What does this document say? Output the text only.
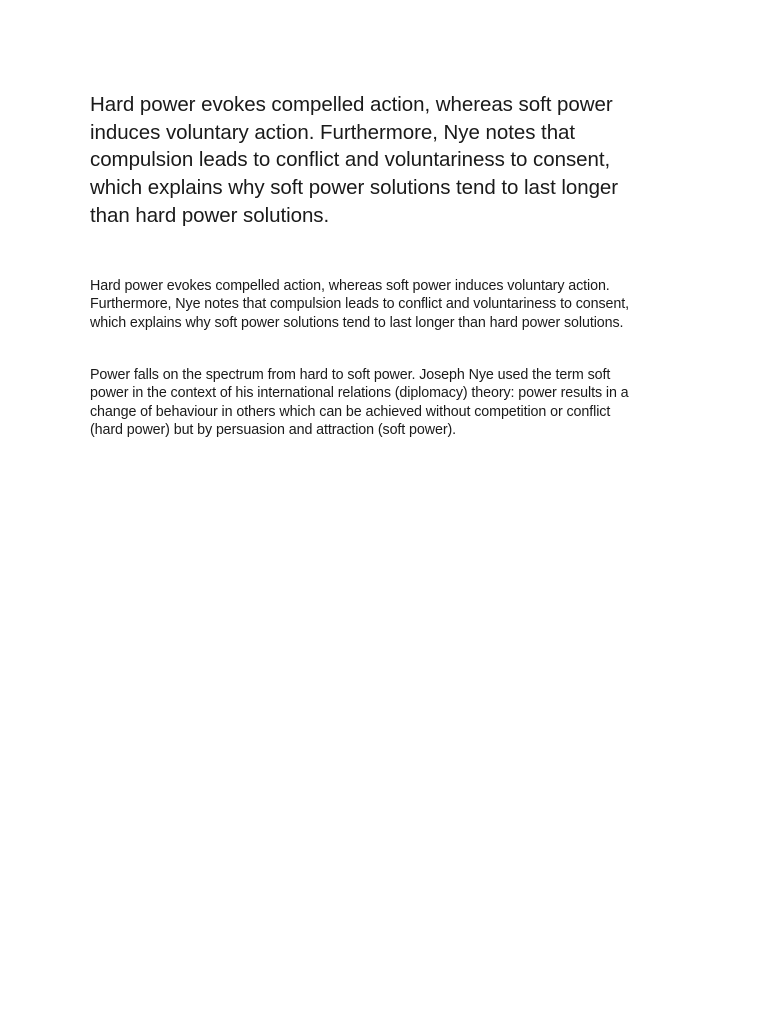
Hard power evokes compelled action, whereas soft power
induces voluntary action. Furthermore, Nye notes that
compulsion leads to conflict and voluntariness to consent,
which explains why soft power solutions tend to last longer
than hard power solutions.

Hard power evokes compelled action, whereas soft power induces voluntary action.
Furthermore, Nye notes that compulsion leads to conflict and voluntariness to consent,
which explains why soft power solutions tend to last longer than hard power solutions.

Power falls on the spectrum from hard to soft power. Joseph Nye used the term soft
power in the context of his international relations (diplomacy) theory: power results in a
change of behaviour in others which can be achieved without competition or conflict
(hard power) but by persuasion and attraction (soft power).
